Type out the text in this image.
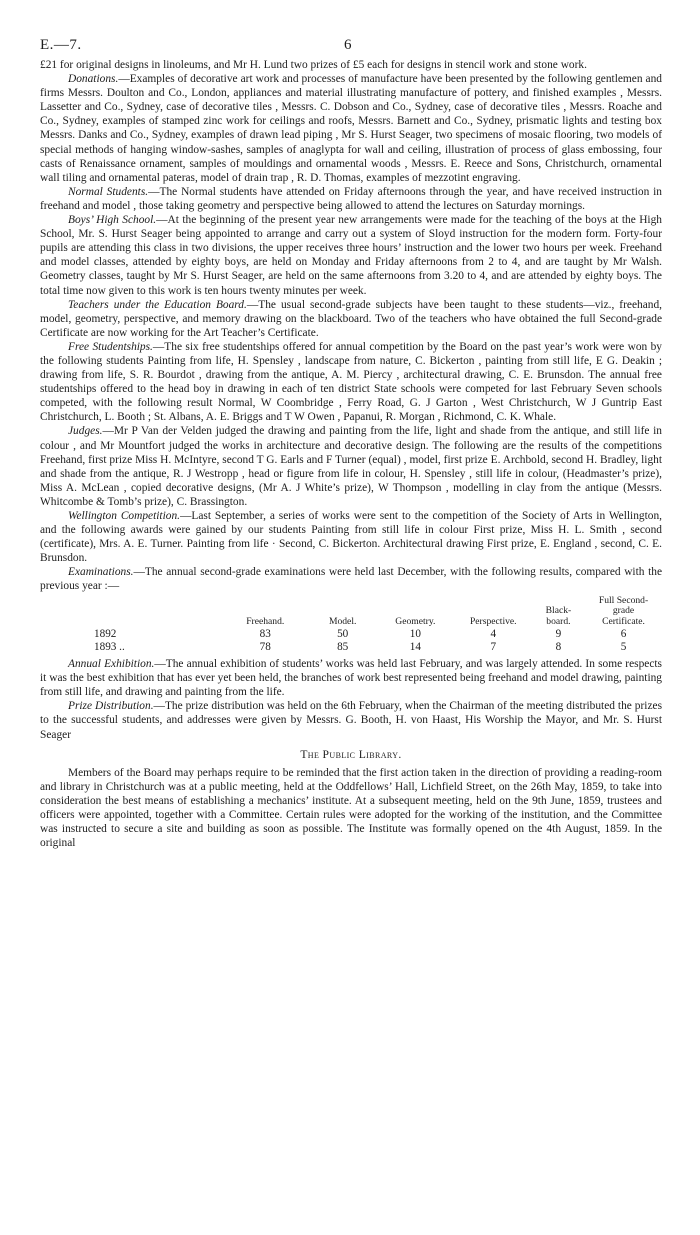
E.—7.	6

£21 for original designs in linoleums, and Mr H. Lund two prizes of £5 each for designs in stencil work and stone work.

Donations.—Examples of decorative art work and processes of manufacture have been presented by the following gentlemen and firms Messrs. Doulton and Co., London, appliances and material illustrating manufacture of pottery, and finished examples , Messrs. Lassetter and Co., Sydney, case of decorative tiles , Messrs. C. Dobson and Co., Sydney, case of decorative tiles , Messrs. Roache and Co., Sydney, examples of stamped zinc work for ceilings and roofs, Messrs. Barnett and Co., Sydney, prismatic lights and testing box Messrs. Danks and Co., Sydney, examples of drawn lead piping , Mr S. Hurst Seager, two specimens of mosaic flooring, two models of special methods of hanging window-sashes, samples of anaglypta for wall and ceiling, illustration of process of glass embossing, four casts of Renaissance ornament, samples of mouldings and ornamental woods , Messrs. E. Reece and Sons, Christchurch, ornamental wall tiling and ornamental pateras, model of drain trap , R. D. Thomas, examples of mezzotint engraving.

Normal Students.—The Normal students have attended on Friday afternoons through the year, and have received instruction in freehand and model , those taking geometry and perspective being allowed to attend the lectures on Saturday mornings.

Boys’ High School.—At the beginning of the present year new arrangements were made for the teaching of the boys at the High School, Mr. S. Hurst Seager being appointed to arrange and carry out a system of Sloyd instruction for the modern form. Forty-four pupils are attending this class in two divisions, the upper receives three hours’ instruction and the lower two hours per week. Freehand and model classes, attended by eighty boys, are held on Monday and Friday afternoons from 2 to 4, and are taught by Mr Walsh. Geometry classes, taught by Mr S. Hurst Seager, are held on the same afternoons from 3.20 to 4, and are attended by eighty boys. The total time now given to this work is ten hours twenty minutes per week.

Teachers under the Education Board.—The usual second-grade subjects have been taught to these students—viz., freehand, model, geometry, perspective, and memory drawing on the blackboard. Two of the teachers who have obtained the full Second-grade Certificate are now working for the Art Teacher’s Certificate.

Free Studentships.—The six free studentships offered for annual competition by the Board on the past year’s work were won by the following students Painting from life, H. Spensley , landscape from nature, C. Bickerton , painting from still life, E G. Deakin ; drawing from life, S. R. Bourdot , drawing from the antique, A. M. Piercy , architectural drawing, C. E. Brunsdon. The annual free studentships offered to the head boy in drawing in each of ten district State schools were competed for last February Seven schools competed, with the following result Normal, W Coombridge , Ferry Road, G. J Garton , West Christchurch, W J Guntrip East Christchurch, L. Booth ; St. Albans, A. E. Briggs and T W Owen , Papanui, R. Morgan , Richmond, C. K. Whale.

Judges.—Mr P Van der Velden judged the drawing and painting from the life, light and shade from the antique, and still life in colour , and Mr Mountfort judged the works in architecture and decorative design. The following are the results of the competitions Freehand, first prize Miss H. McIntyre, second T G. Earls and F Turner (equal) , model, first prize E. Archbold, second H. Bradley, light and shade from the antique, R. J Westropp , head or figure from life in colour, H. Spensley , still life in colour, (Headmaster’s prize), Miss A. McLean , copied decorative designs, (Mr A. J White’s prize), W Thompson , modelling in clay from the antique (Messrs. Whitcombe & Tomb’s prize), C. Brassington.

Wellington Competition.—Last September, a series of works were sent to the competition of the Society of Arts in Wellington, and the following awards were gained by our students Painting from still life in colour First prize, Miss H. L. Smith , second (certificate), Mrs. A. E. Turner. Painting from life · Second, C. Bickerton. Architectural drawing First prize, E. England , second, C. E. Brunsdon.

Examinations.—The annual second-grade examinations were held last December, with the following results, compared with the previous year :—

	Freehand.	Model.	Geometry.	Perspective.	Black-board.	Full Second-grade Certificate.
1892	83	50	10	4	9	6
1893 ..	78	85	14	7	8	5

Annual Exhibition.—The annual exhibition of students’ works was held last February, and was largely attended. In some respects it was the best exhibition that has ever yet been held, the branches of work best represented being freehand and model drawing, painting from still life, and drawing and painting from the life.

Prize Distribution.—The prize distribution was held on the 6th February, when the Chairman of the meeting distributed the prizes to the successful students, and addresses were given by Messrs. G. Booth, H. von Haast, His Worship the Mayor, and Mr. S. Hurst Seager

The Public Library.

Members of the Board may perhaps require to be reminded that the first action taken in the direction of providing a reading-room and library in Christchurch was at a public meeting, held at the Oddfellows’ Hall, Lichfield Street, on the 26th May, 1859, to take into consideration the best means of establishing a mechanics’ institute. At a subsequent meeting, held on the 9th June, 1859, trustees and officers were appointed, together with a Committee. Certain rules were adopted for the working of the institution, and the Committee was instructed to secure a site and building as soon as possible. The Institute was formally opened on the 4th August, 1859. In the original
